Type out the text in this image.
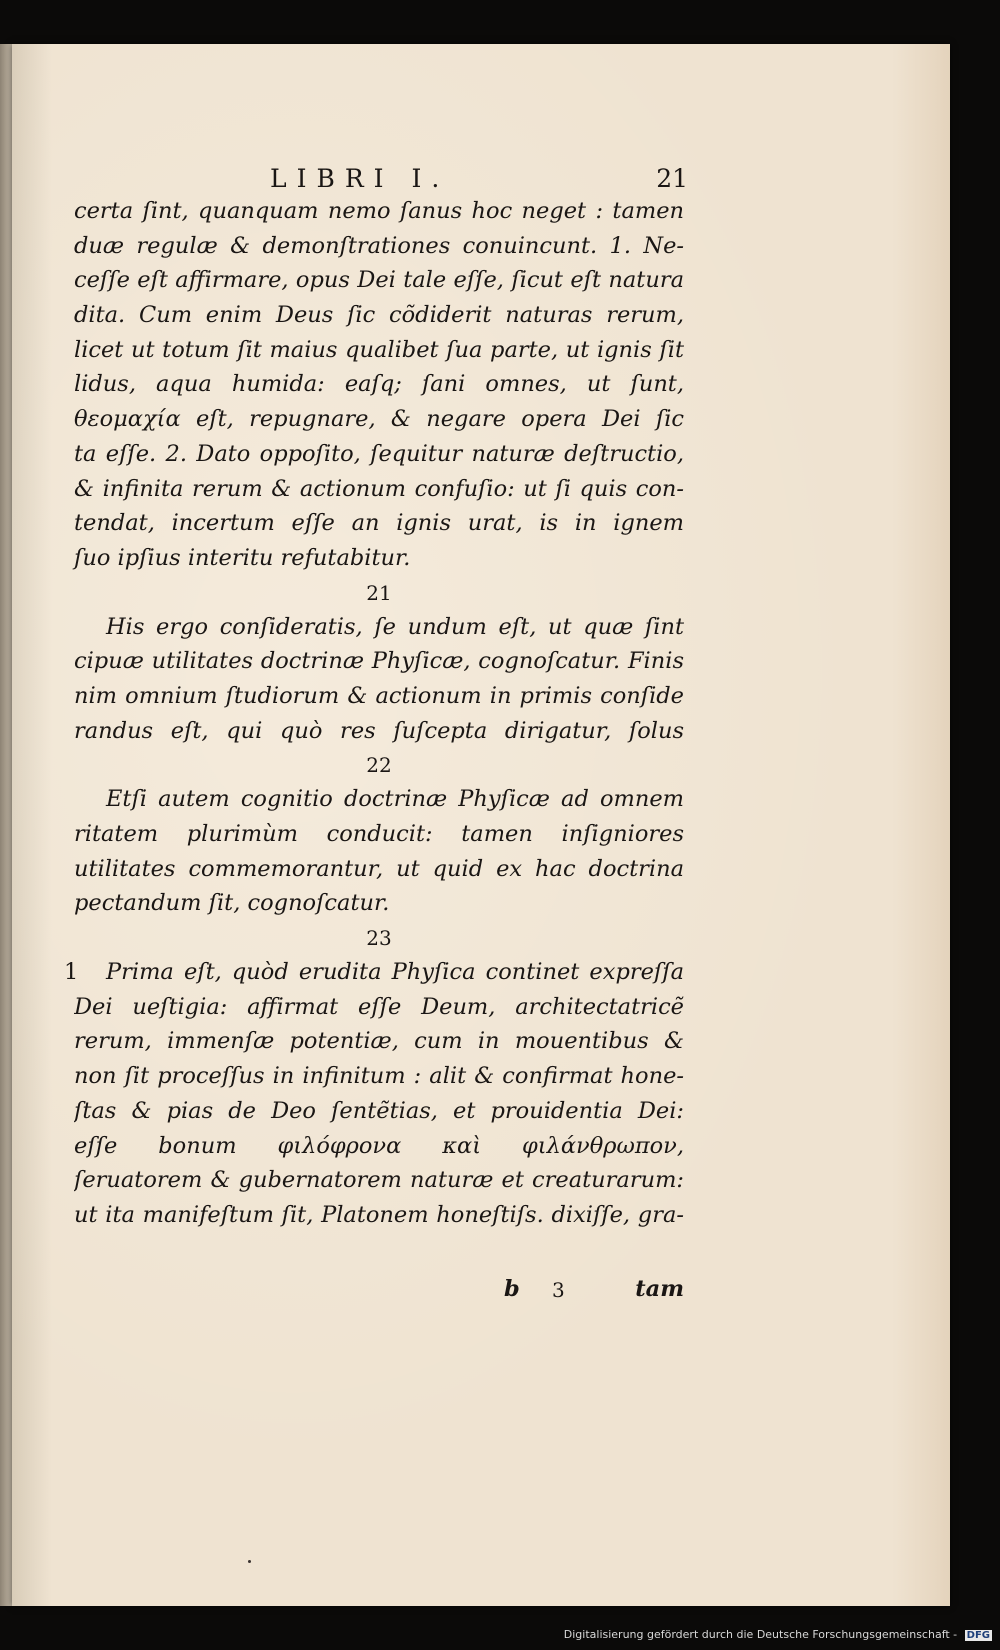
LIBRI I.	21
certa ſint, quanquam nemo ſanus hoc neget : tamen
duæ regulæ & demonſtrationes conuincunt. 1. Ne-
ceſſe eſt affirmare, opus Dei tale eſſe, ſicut eſt natura
dita. Cum enim Deus ſic cõdiderit naturas rerum,
licet ut totum ſit maius qualibet ſua parte, ut ignis ſit
lidus, aqua humida: eaſq; ſani omnes, ut ſunt,
θεομαχία eſt, repugnare, & negare opera Dei ſic
ta eſſe. 2. Dato oppoſito, ſequitur naturæ deſtructio,
& infinita rerum & actionum confuſio: ut ſi quis con-
tendat, incertum eſſe an ignis urat, is in ignem
ſuo ipſius interitu refutabitur.
21
His ergo conſideratis, ſe undum eſt, ut quæ ſint
cipuæ utilitates doctrinæ Phyſicæ, cognoſcatur. Finis
nim omnium ſtudiorum & actionum in primis conſide
randus eſt, qui quò res ſuſcepta dirigatur, ſolus
22
Etſi autem cognitio doctrinæ Phyſicæ ad omnem
ritatem plurimùm conducit: tamen inſigniores
utilitates commemorantur, ut quid ex hac doctrina
pectandum ſit, cognoſcatur.
23
1	Prima eſt, quòd erudita Phyſica continet expreſſa
Dei ueſtigia: affirmat eſſe Deum, architectatricẽ
rerum, immenſæ potentiæ, cum in mouentibus &
non ſit proceſſus in infinitum : alit & confirmat hone-
ſtas & pias de Deo ſentẽtias, et prouidentia Dei:
eſſe bonum φιλόφρονα καὶ φιλάνθρωπον,
ſeruatorem & gubernatorem naturæ et creaturarum:
ut ita manifeſtum ſit, Platonem honeſtiſs. dixiſſe, gra-
b 3	tam
Digitalisierung gefördert durch die Deutsche Forschungsgemeinschaft - DFG
